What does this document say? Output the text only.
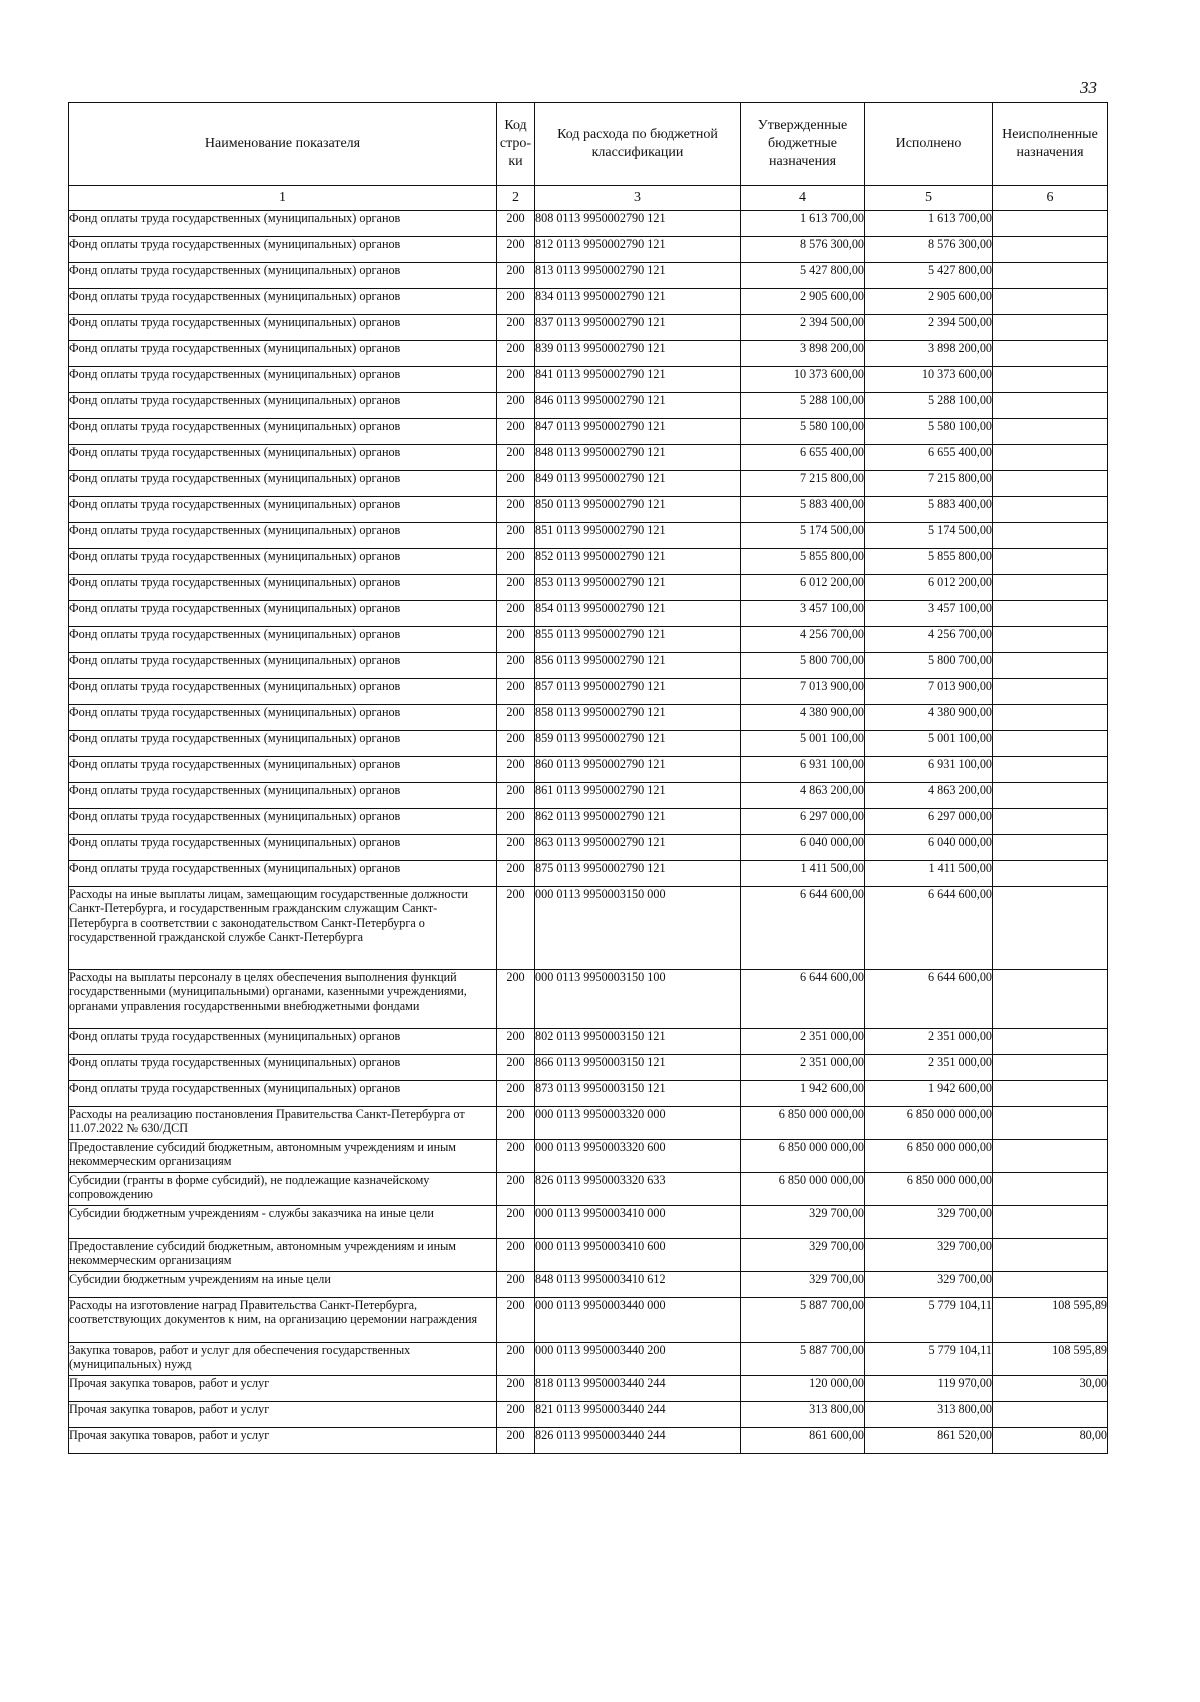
33
Наименование показателя	Код стро-ки	Код расхода по бюджетной классификации	Утвержденные бюджетные назначения	Исполнено	Неисполненные назначения
1	2	3	4	5	6
Фонд оплаты труда государственных (муниципальных) органов	200	808 0113 9950002790 121	1 613 700,00	1 613 700,00	
Фонд оплаты труда государственных (муниципальных) органов	200	812 0113 9950002790 121	8 576 300,00	8 576 300,00	
Фонд оплаты труда государственных (муниципальных) органов	200	813 0113 9950002790 121	5 427 800,00	5 427 800,00	
Фонд оплаты труда государственных (муниципальных) органов	200	834 0113 9950002790 121	2 905 600,00	2 905 600,00	
Фонд оплаты труда государственных (муниципальных) органов	200	837 0113 9950002790 121	2 394 500,00	2 394 500,00	
Фонд оплаты труда государственных (муниципальных) органов	200	839 0113 9950002790 121	3 898 200,00	3 898 200,00	
Фонд оплаты труда государственных (муниципальных) органов	200	841 0113 9950002790 121	10 373 600,00	10 373 600,00	
Фонд оплаты труда государственных (муниципальных) органов	200	846 0113 9950002790 121	5 288 100,00	5 288 100,00	
Фонд оплаты труда государственных (муниципальных) органов	200	847 0113 9950002790 121	5 580 100,00	5 580 100,00	
Фонд оплаты труда государственных (муниципальных) органов	200	848 0113 9950002790 121	6 655 400,00	6 655 400,00	
Фонд оплаты труда государственных (муниципальных) органов	200	849 0113 9950002790 121	7 215 800,00	7 215 800,00	
Фонд оплаты труда государственных (муниципальных) органов	200	850 0113 9950002790 121	5 883 400,00	5 883 400,00	
Фонд оплаты труда государственных (муниципальных) органов	200	851 0113 9950002790 121	5 174 500,00	5 174 500,00	
Фонд оплаты труда государственных (муниципальных) органов	200	852 0113 9950002790 121	5 855 800,00	5 855 800,00	
Фонд оплаты труда государственных (муниципальных) органов	200	853 0113 9950002790 121	6 012 200,00	6 012 200,00	
Фонд оплаты труда государственных (муниципальных) органов	200	854 0113 9950002790 121	3 457 100,00	3 457 100,00	
Фонд оплаты труда государственных (муниципальных) органов	200	855 0113 9950002790 121	4 256 700,00	4 256 700,00	
Фонд оплаты труда государственных (муниципальных) органов	200	856 0113 9950002790 121	5 800 700,00	5 800 700,00	
Фонд оплаты труда государственных (муниципальных) органов	200	857 0113 9950002790 121	7 013 900,00	7 013 900,00	
Фонд оплаты труда государственных (муниципальных) органов	200	858 0113 9950002790 121	4 380 900,00	4 380 900,00	
Фонд оплаты труда государственных (муниципальных) органов	200	859 0113 9950002790 121	5 001 100,00	5 001 100,00	
Фонд оплаты труда государственных (муниципальных) органов	200	860 0113 9950002790 121	6 931 100,00	6 931 100,00	
Фонд оплаты труда государственных (муниципальных) органов	200	861 0113 9950002790 121	4 863 200,00	4 863 200,00	
Фонд оплаты труда государственных (муниципальных) органов	200	862 0113 9950002790 121	6 297 000,00	6 297 000,00	
Фонд оплаты труда государственных (муниципальных) органов	200	863 0113 9950002790 121	6 040 000,00	6 040 000,00	
Фонд оплаты труда государственных (муниципальных) органов	200	875 0113 9950002790 121	1 411 500,00	1 411 500,00	
Расходы на иные выплаты лицам, замещающим государственные должности Санкт-Петербурга, и государственным гражданским служащим Санкт-Петербурга в соответствии с законодательством Санкт-Петербурга о государственной гражданской службе Санкт-Петербурга	200	000 0113 9950003150 000	6 644 600,00	6 644 600,00	
Расходы на выплаты персоналу в целях обеспечения выполнения функций государственными (муниципальными) органами, казенными учреждениями, органами управления государственными внебюджетными фондами	200	000 0113 9950003150 100	6 644 600,00	6 644 600,00	
Фонд оплаты труда государственных (муниципальных) органов	200	802 0113 9950003150 121	2 351 000,00	2 351 000,00	
Фонд оплаты труда государственных (муниципальных) органов	200	866 0113 9950003150 121	2 351 000,00	2 351 000,00	
Фонд оплаты труда государственных (муниципальных) органов	200	873 0113 9950003150 121	1 942 600,00	1 942 600,00	
Расходы на реализацию постановления Правительства Санкт-Петербурга от 11.07.2022 № 630/ДСП	200	000 0113 9950003320 000	6 850 000 000,00	6 850 000 000,00	
Предоставление субсидий бюджетным, автономным учреждениям и иным некоммерческим организациям	200	000 0113 9950003320 600	6 850 000 000,00	6 850 000 000,00	
Субсидии (гранты в форме субсидий), не подлежащие казначейскому сопровождению	200	826 0113 9950003320 633	6 850 000 000,00	6 850 000 000,00	
Субсидии бюджетным учреждениям - службы заказчика на иные цели	200	000 0113 9950003410 000	329 700,00	329 700,00	
Предоставление субсидий бюджетным, автономным учреждениям и иным некоммерческим организациям	200	000 0113 9950003410 600	329 700,00	329 700,00	
Субсидии бюджетным учреждениям на иные цели	200	848 0113 9950003410 612	329 700,00	329 700,00	
Расходы на изготовление наград Правительства Санкт-Петербурга, соответствующих документов к ним, на организацию церемонии награждения	200	000 0113 9950003440 000	5 887 700,00	5 779 104,11	108 595,89
Закупка товаров, работ и услуг для обеспечения государственных (муниципальных) нужд	200	000 0113 9950003440 200	5 887 700,00	5 779 104,11	108 595,89
Прочая закупка товаров, работ и услуг	200	818 0113 9950003440 244	120 000,00	119 970,00	30,00
Прочая закупка товаров, работ и услуг	200	821 0113 9950003440 244	313 800,00	313 800,00	
Прочая закупка товаров, работ и услуг	200	826 0113 9950003440 244	861 600,00	861 520,00	80,00
